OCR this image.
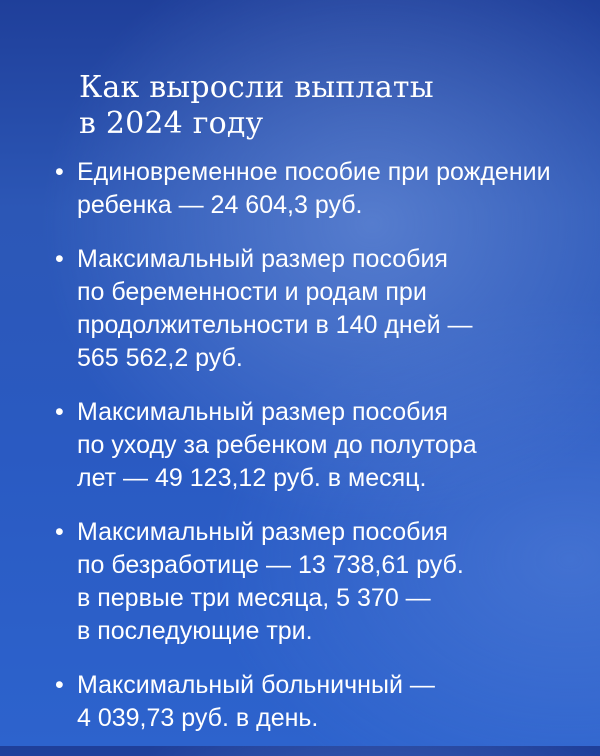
Как выросли выплаты
в 2024 году
• Единовременное пособие при рождении
ребенка — 24 604,3 руб.
• Максимальный размер пособия
по беременности и родам при
продолжительности в 140 дней —
565 562,2 руб.
• Максимальный размер пособия
по уходу за ребенком до полутора
лет — 49 123,12 руб. в месяц.
• Максимальный размер пособия
по безработице — 13 738,61 руб.
в первые три месяца, 5 370 —
в последующие три.
• Максимальный больничный —
4 039,73 руб. в день.
